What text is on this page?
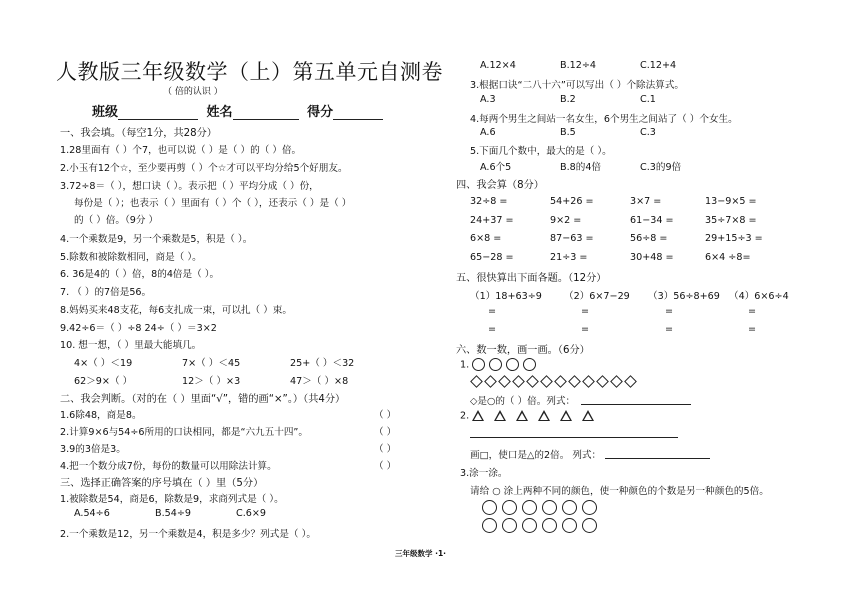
人教版三年级数学（上）第五单元自测卷
（ 倍的认识 ）
班级	姓名	得分
一、我会填。（每空1分，共28分）
1.28里面有（ ）个7，也可以说（ ）是（ ）的（ ）倍。
2.小玉有12个☆，至少要再剪（ ）个☆才可以平均分给5个好朋友。
3.72÷8＝（ ），想口诀（ ）。表示把（ ）平均分成（ ）份，
每份是（ ）；也表示（ ）里面有（ ）个（ ），还表示（ ）是（ ）
的（ ）倍。（9分 ）
4.一个乘数是9，另一个乘数是5，积是（ ）。
5.除数和被除数相同，商是（ ）。
6. 36是4的（ ）倍，8的4倍是（ ）。
7. （ ）的7倍是56。
8.妈妈买来48支花，每6支扎成一束，可以扎（ ）束。
9.42÷6＝（ ）÷8 24÷（ ）＝3×2
10. 想一想，（ ）里最大能填几。
4×（ ）＜19	7×（ ）＜45	25+（ ）＜32
62＞9×（ ）	12＞（ ）×3	47＞（ ）×8
二、我会判断。（对的在（ ）里面“√”，错的画“×”。）（共4分）
1.6除48，商是8。
2.计算9×6与54÷6所用的口诀相同，都是“六九五十四”。
3.9的3倍是3。
4.把一个数分成7份，每份的数量可以用除法计算。
（ ）
（ ）
（ ）
（ ）
三、选择正确答案的序号填在（ ）里（5分）
1.被除数是54，商是6，除数是9，求商列式是（ ）。
A.54÷6	B.54÷9	C.6×9
2.一个乘数是12，另一个乘数是4，积是多少？列式是（ ）。
A.12×4	B.12÷4	C.12+4
3.根据口诀“二八十六”可以写出（ ）个除法算式。
A.3	B.2	C.1
4.每两个男生之间站一名女生，6个男生之间站了（ ）个女生。
A.6	B.5	C.3
5.下面几个数中，最大的是（ ）。
A.6个5	B.8的4倍	C.3的9倍
四、我会算（8分）
32÷8 =	54+26 =	3×7 =	13−9×5 =
24+37 =	9×2 =	61−34 =	35÷7×8 =
6×8 =	87−63 =	56÷8 =	29+15÷3 =
65−28 =	21÷3 =	30+48 =	6×4 ÷8=
五、很快算出下面各题。（12分）
（1）18+63÷9 （2）6×7−29 （3）56÷8+69 （4）6×6÷4
=	=	=	=
=	=	=	=
六、数一数，画一画。（6分）
1.
◇是○的（ ）倍。列式：
2.
画□，使口是△的2倍。 列式：
3.涂一涂。
请给 ○ 涂上两种不同的颜色，使一种颜色的个数是另一种颜色的5倍。
三年级数学 ·1·
